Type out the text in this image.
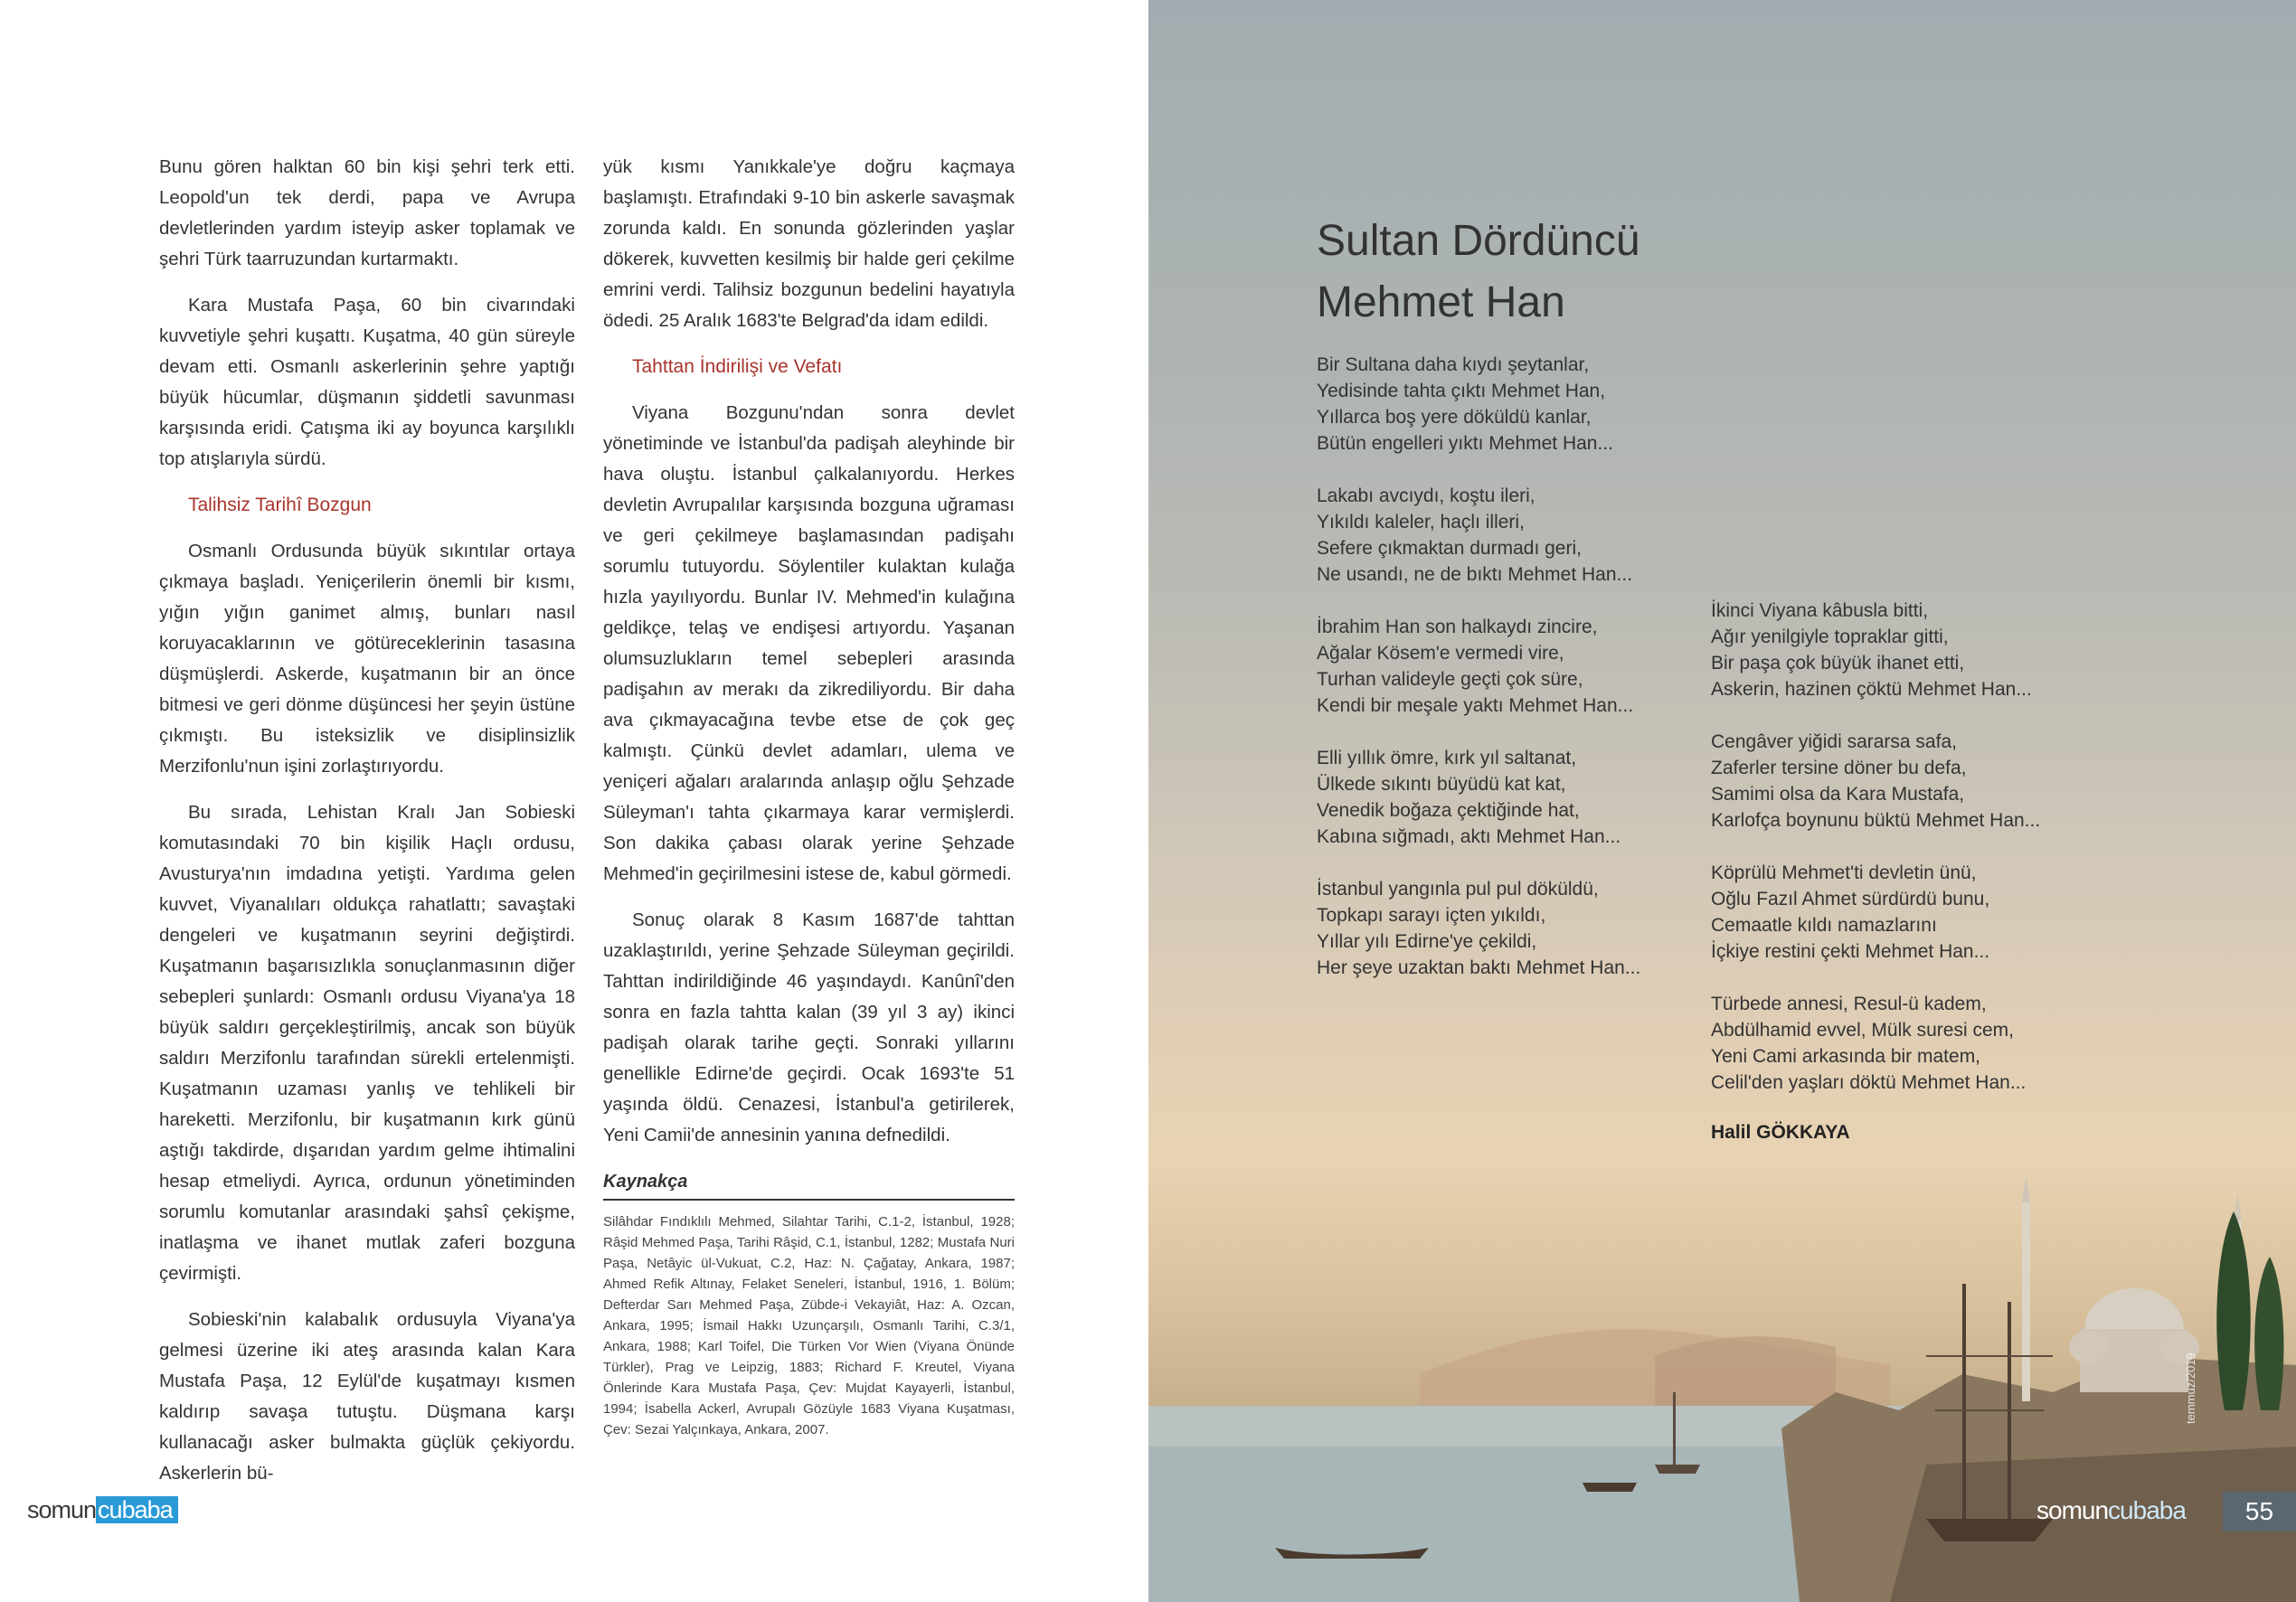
Bunu gören halktan 60 bin kişi şehri terk etti. Leopold'un tek derdi, papa ve Avrupa devletlerinden yardım isteyip asker toplamak ve şehri Türk taarruzundan kurtarmaktı.

Kara Mustafa Paşa, 60 bin civarındaki kuvvetiyle şehri kuşattı. Kuşatma, 40 gün süreyle devam etti. Osmanlı askerlerinin şehre yaptığı büyük hücumlar, düşmanın şiddetli savunması karşısında eridi. Çatışma iki ay boyunca karşılıklı top atışlarıyla sürdü.

Talihsiz Tarihî Bozgun

Osmanlı Ordusunda büyük sıkıntılar ortaya çıkmaya başladı. Yeniçerilerin önemli bir kısmı, yığın yığın ganimet almış, bunları nasıl koruyacaklarının ve götüreceklerinin tasasına düşmüşlerdi. Askerde, kuşatmanın bir an önce bitmesi ve geri dönme düşüncesi her şeyin üstüne çıkmıştı. Bu isteksizlik ve disiplinsizlik Merzifonlu'nun işini zorlaştırıyordu.

Bu sırada, Lehistan Kralı Jan Sobieski komutasındaki 70 bin kişilik Haçlı ordusu, Avusturya'nın imdadına yetişti. Yardıma gelen kuvvet, Viyanalıları oldukça rahatlattı; savaştaki dengeleri ve kuşatmanın seyrini değiştirdi. Kuşatmanın başarısızlıkla sonuçlanmasının diğer sebepleri şunlardı: Osmanlı ordusu Viyana'ya 18 büyük saldırı gerçekleştirilmiş, ancak son büyük saldırı Merzifonlu tarafından sürekli ertelenmişti. Kuşatmanın uzaması yanlış ve tehlikeli bir hareketti. Merzifonlu, bir kuşatmanın kırk günü aştığı takdirde, dışarıdan yardım gelme ihtimalini hesap etmeliydi. Ayrıca, ordunun yönetiminden sorumlu komutanlar arasındaki şahsî çekişme, inatlaşma ve ihanet mutlak zaferi bozguna çevirmişti.

Sobieski'nin kalabalık ordusuyla Viyana'ya gelmesi üzerine iki ateş arasında kalan Kara Mustafa Paşa, 12 Eylül'de kuşatmayı kısmen kaldırıp savaşa tutuştu. Düşmana karşı kullanacağı asker bulmakta güçlük çekiyordu. Askerlerin bü-

yük kısmı Yanıkkale'ye doğru kaçmaya başlamıştı. Etrafındaki 9-10 bin askerle savaşmak zorunda kaldı. En sonunda gözlerinden yaşlar dökerek, kuvvetten kesilmiş bir halde geri çekilme emrini verdi. Talihsiz bozgunun bedelini hayatıyla ödedi. 25 Aralık 1683'te Belgrad'da idam edildi.

Tahttan İndirilişi ve Vefatı

Viyana Bozgunu'ndan sonra devlet yönetiminde ve İstanbul'da padişah aleyhinde bir hava oluştu. İstanbul çalkalanıyordu. Herkes devletin Avrupalılar karşısında bozguna uğraması ve geri çekilmeye başlamasından padişahı sorumlu tutuyordu. Söylentiler kulaktan kulağa hızla yayılıyordu. Bunlar IV. Mehmed'in kulağına geldikçe, telaş ve endişesi artıyordu. Yaşanan olumsuzlukların temel sebepleri arasında padişahın av merakı da zikrediliyordu. Bir daha ava çıkmayacağına tevbe etse de çok geç kalmıştı. Çünkü devlet adamları, ulema ve yeniçeri ağaları aralarında anlaşıp oğlu Şehzade Süleyman'ı tahta çıkarmaya karar vermişlerdi. Son dakika çabası olarak yerine Şehzade Mehmed'in geçirilmesini istese de, kabul görmedi.

Sonuç olarak 8 Kasım 1687'de tahttan uzaklaştırıldı, yerine Şehzade Süleyman geçirildi. Tahttan indirildiğinde 46 yaşındaydı. Kanûnî'den sonra en fazla tahtta kalan (39 yıl 3 ay) ikinci padişah olarak tarihe geçti. Sonraki yıllarını genellikle Edirne'de geçirdi. Ocak 1693'te 51 yaşında öldü. Cenazesi, İstanbul'a getirilerek, Yeni Camii'de annesinin yanına defnedildi.

Kaynakça
Silâhdar Fındıklılı Mehmed, Silahtar Tarihi, C.1-2, İstanbul, 1928; Râşid Mehmed Paşa, Tarihi Râşid, C.1, İstanbul, 1282; Mustafa Nuri Paşa, Netâyic ül-Vukuat, C.2, Haz: N. Çağatay, Ankara, 1987; Ahmed Refik Altınay, Felaket Seneleri, İstanbul, 1916, 1. Bölüm; Defterdar Sarı Mehmed Paşa, Zübde-i Vekayiât, Haz: A. Ozcan, Ankara, 1995; İsmail Hakkı Uzunçarşılı, Osmanlı Tarihi, C.3/1, Ankara, 1988; Karl Toifel, Die Türken Vor Wien (Viyana Önünde Türkler), Prag ve Leipzig, 1883; Richard F. Kreutel, Viyana Önlerinde Kara Mustafa Paşa, Çev: Mujdat Kayayerli, İstanbul, 1994; İsabella Ackerl, Avrupalı Gözüyle 1683 Viyana Kuşatması, Çev: Sezai Yalçınkaya, Ankara, 2007.
somuncubaba
Sultan Dördüncü
Mehmet Han
Bir Sultana daha kıydı şeytanlar,
Yedisinde tahta çıktı Mehmet Han,
Yıllarca boş yere döküldü kanlar,
Bütün engelleri yıktı Mehmet Han...
Lakabı avcıydı, koştu ileri,
Yıkıldı kaleler, haçlı illeri,
Sefere çıkmaktan durmadı geri,
Ne usandı, ne de bıktı Mehmet Han...
İbrahim Han son halkaydı zincire,
Ağalar Kösem'e vermedi vire,
Turhan valideyle geçti çok süre,
Kendi bir meşale yaktı Mehmet Han...
Elli yıllık ömre, kırk yıl saltanat,
Ülkede sıkıntı büyüdü kat kat,
Venedik boğaza çektiğinde hat,
Kabına sığmadı, aktı Mehmet Han...
İstanbul yangınla pul pul döküldü,
Topkapı sarayı içten yıkıldı,
Yıllar yılı Edirne'ye çekildi,
Her şeye uzaktan baktı Mehmet Han...
İkinci Viyana kâbusla bitti,
Ağır yenilgiyle topraklar gitti,
Bir paşa çok büyük ihanet etti,
Askerin, hazinen çöktü Mehmet Han...
Cengâver yiğidi sararsa safa,
Zaferler tersine döner bu defa,
Samimi olsa da Kara Mustafa,
Karlofça boynunu büktü Mehmet Han...
Köprülü Mehmet'ti devletin ünü,
Oğlu Fazıl Ahmet sürdürdü bunu,
Cemaatle kıldı namazlarını
İçkiye restini çekti Mehmet Han...
Türbede annesi, Resul-ü kadem,
Abdülhamid evvel, Mülk suresi cem,
Yeni Cami arkasında bir matem,
Celil'den yaşları döktü Mehmet Han...
Halil GÖKKAYA
temmuz/2019
somuncubaba	55
